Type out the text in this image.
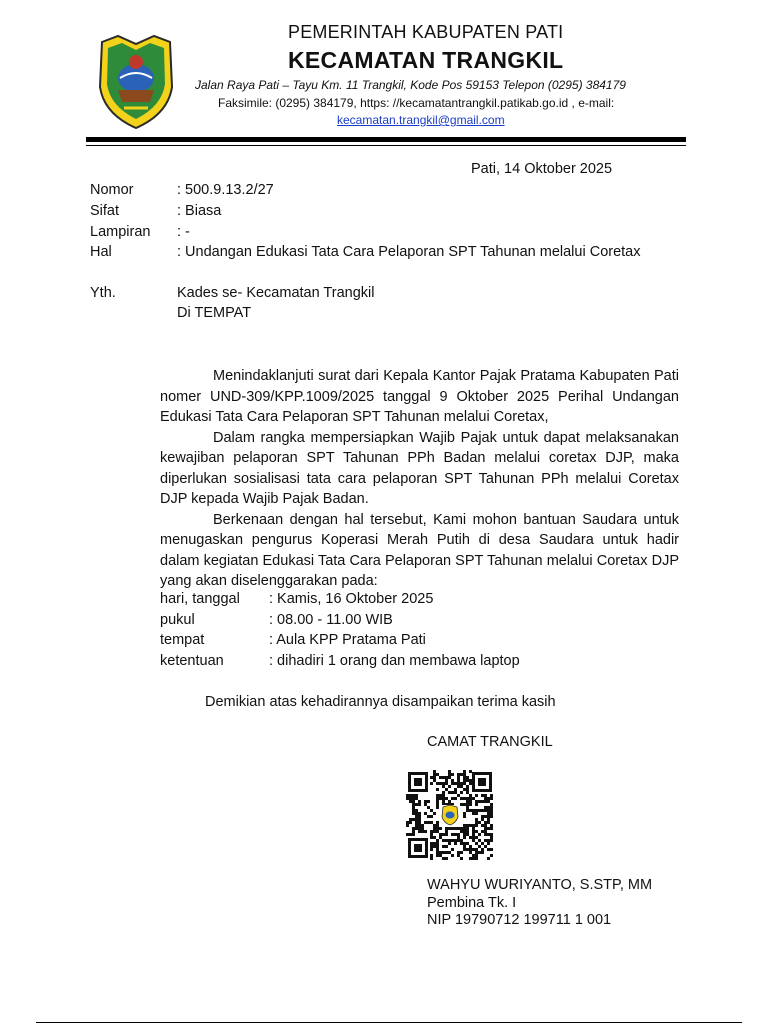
PEMERINTAH KABUPATEN PATI
KECAMATAN TRANGKIL
Jalan Raya Pati – Tayu Km. 11 Trangkil, Kode Pos 59153 Telepon (0295) 384179
Faksimile: (0295) 384179, https: //kecamatantrangkil.patikab.go.id , e-mail:
kecamatan.trangkil@gmail.com
Pati, 14 Oktober 2025
Nomor	: 500.9.13.2/27
Sifat	: Biasa
Lampiran : -
Hal	: Undangan Edukasi Tata Cara Pelaporan SPT Tahunan melalui Coretax
Yth.	Kades se- Kecamatan Trangkil
Di TEMPAT

Menindaklanjuti surat dari Kepala Kantor Pajak Pratama Kabupaten Pati nomer UND-309/KPP.1009/2025 tanggal 9 Oktober 2025 Perihal Undangan Edukasi Tata Cara Pelaporan SPT Tahunan melalui Coretax,

Dalam rangka mempersiapkan Wajib Pajak untuk dapat melaksanakan kewajiban pelaporan SPT Tahunan PPh Badan melalui coretax DJP, maka diperlukan sosialisasi tata cara pelaporan SPT Tahunan PPh melalui Coretax DJP kepada Wajib Pajak Badan.

Berkenaan dengan hal tersebut, Kami mohon bantuan Saudara untuk menugaskan pengurus Koperasi Merah Putih di desa Saudara untuk hadir dalam kegiatan Edukasi Tata Cara Pelaporan SPT Tahunan melalui Coretax DJP yang akan diselenggarakan pada:

hari, tanggal : Kamis, 16 Oktober 2025
pukul	: 08.00 - 11.00 WIB
tempat	: Aula KPP Pratama Pati
ketentuan	: dihadiri 1 orang dan membawa laptop
Demikian atas kehadirannya disampaikan terima kasih
CAMAT TRANGKIL
WAHYU WURIYANTO, S.STP, MM
Pembina Tk. I
NIP 19790712 199711 1 001
